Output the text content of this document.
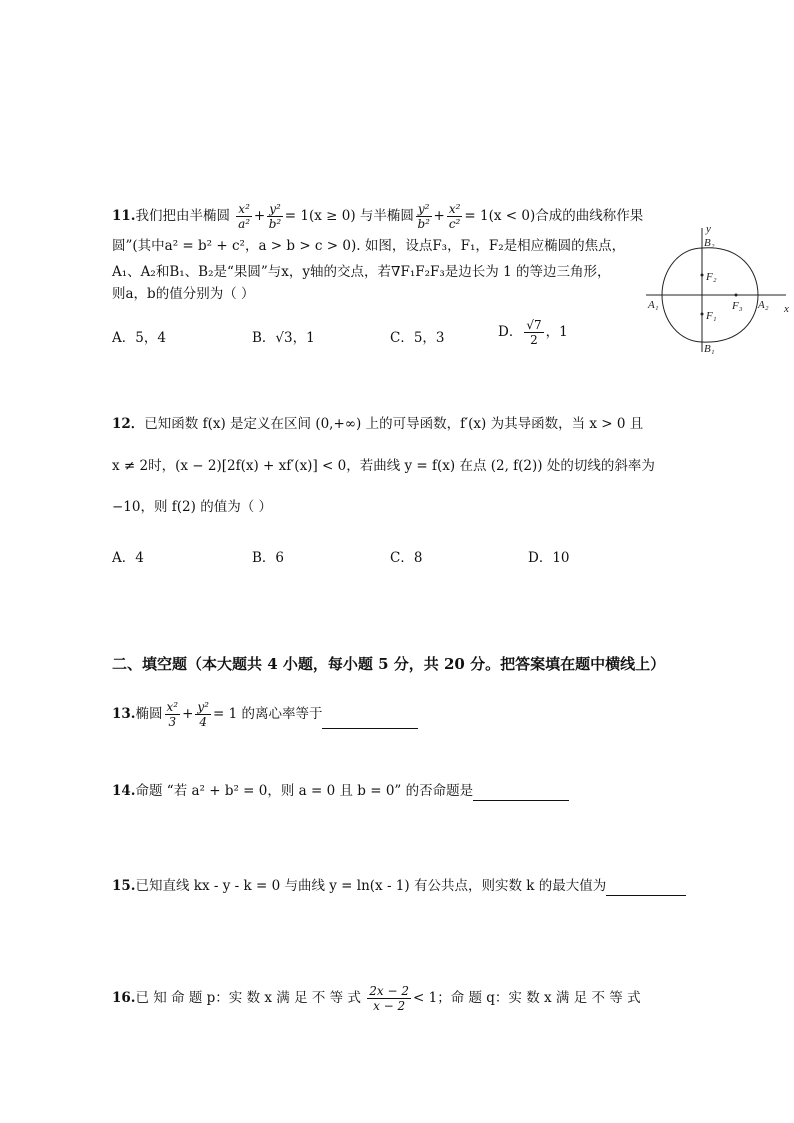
11.我们把由半椭圆 $\frac{\text{x²}}{\text{a²}} + \frac{\text{y²}}{\text{b²}} = 1(x \ge 0)$ 与半椭圆 $\frac{\text{y²}}{\text{b²}} + \frac{\text{x²}}{\text{c²}} = 1(x < 0)$合成的曲线称作果
圆”(其中a² = b² + c²，a > b > c > 0). 如图，设点F₃，F₁，F₂是相应椭圆的焦点，
A₁、A₂和B₁、B₂是“果圆”与x，y轴的交点，若∇F₁F₂F₃是边长为 1 的等边三角形，
则a，b的值分别为（ ）
A．5，4	B．√3，1	C．5，3	D． $\frac{√7}{2}$ ，1
y
x
B₂
B₁
F₂
F₁
F₃
A₁	A₂
12．已知函数 f(x) 是定义在区间 (0,+∞) 上的可导函数，f′(x) 为其导函数，当 x > 0 且
x ≠ 2时，(x − 2)[2f(x) + xf′(x)] < 0，若曲线 y = f(x) 在点 (2, f(2)) 处的切线的斜率为
−10，则 f(2) 的值为（ ）
A．4	B．6	C．8	D．10
二、填空题（本大题共 4 小题，每小题 5 分，共 20 分。把答案填在题中横线上）
13.椭圆 $\frac{\text{x²}}{3} + \frac{\text{y²}}{4} = 1$ 的离心率等于
14.命题 “若 a² + b² = 0，则 a = 0 且 b = 0” 的否命题是
15.已知直线 kx - y - k = 0 与曲线 y = ln(x - 1) 有公共点，则实数 k 的最大值为
16.已 知 命 题 p：实 数 x 满 足 不 等 式 $\frac{2x - 2}{x - 2} < 1$；命 题 q：实 数 x 满 足 不 等 式
